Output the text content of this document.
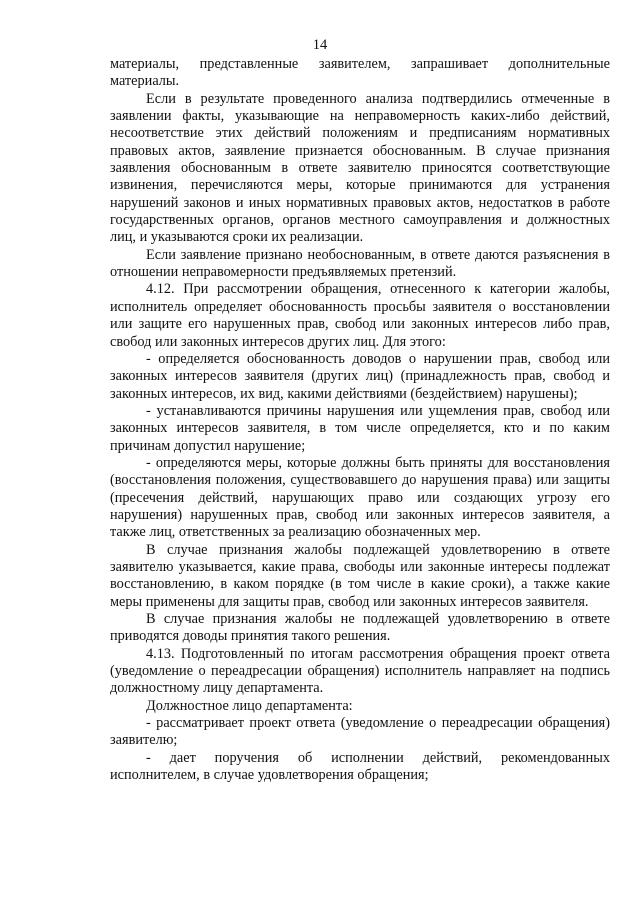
14

материалы, представленные заявителем, запрашивает дополнительные материалы.

Если в результате проведенного анализа подтвердились отмеченные в заявлении факты, указывающие на неправомерность каких-либо действий, несоответствие этих действий положениям и предписаниям нормативных правовых актов, заявление признается обоснованным. В случае признания заявления обоснованным в ответе заявителю приносятся соответствующие извинения, перечисляются меры, которые принимаются для устранения нарушений законов и иных нормативных правовых актов, недостатков в работе государственных органов, органов местного самоуправления и должностных лиц, и указываются сроки их реализации.

Если заявление признано необоснованным, в ответе даются разъяснения в отношении неправомерности предъявляемых претензий.

4.12. При рассмотрении обращения, отнесенного к категории жалобы, исполнитель определяет обоснованность просьбы заявителя о восстановлении или защите его нарушенных прав, свобод или законных интересов либо прав, свобод или законных интересов других лиц. Для этого:

- определяется обоснованность доводов о нарушении прав, свобод или законных интересов заявителя (других лиц) (принадлежность прав, свобод и законных интересов, их вид, какими действиями (бездействием) нарушены);

- устанавливаются причины нарушения или ущемления прав, свобод или законных интересов заявителя, в том числе определяется, кто и по каким причинам допустил нарушение;

- определяются меры, которые должны быть приняты для восстановления (восстановления положения, существовавшего до нарушения права) или защиты (пресечения действий, нарушающих право или создающих угрозу его нарушения) нарушенных прав, свобод или законных интересов заявителя, а также лиц, ответственных за реализацию обозначенных мер.

В случае признания жалобы подлежащей удовлетворению в ответе заявителю указывается, какие права, свободы или законные интересы подлежат восстановлению, в каком порядке (в том числе в какие сроки), а также какие меры применены для защиты прав, свобод или законных интересов заявителя.

В случае признания жалобы не подлежащей удовлетворению в ответе приводятся доводы принятия такого решения.

4.13. Подготовленный по итогам рассмотрения обращения проект ответа (уведомление о переадресации обращения) исполнитель направляет на подпись должностному лицу департамента.

Должностное лицо департамента:

- рассматривает проект ответа (уведомление о переадресации обращения) заявителю;

- дает поручения об исполнении действий, рекомендованных исполнителем, в случае удовлетворения обращения;
